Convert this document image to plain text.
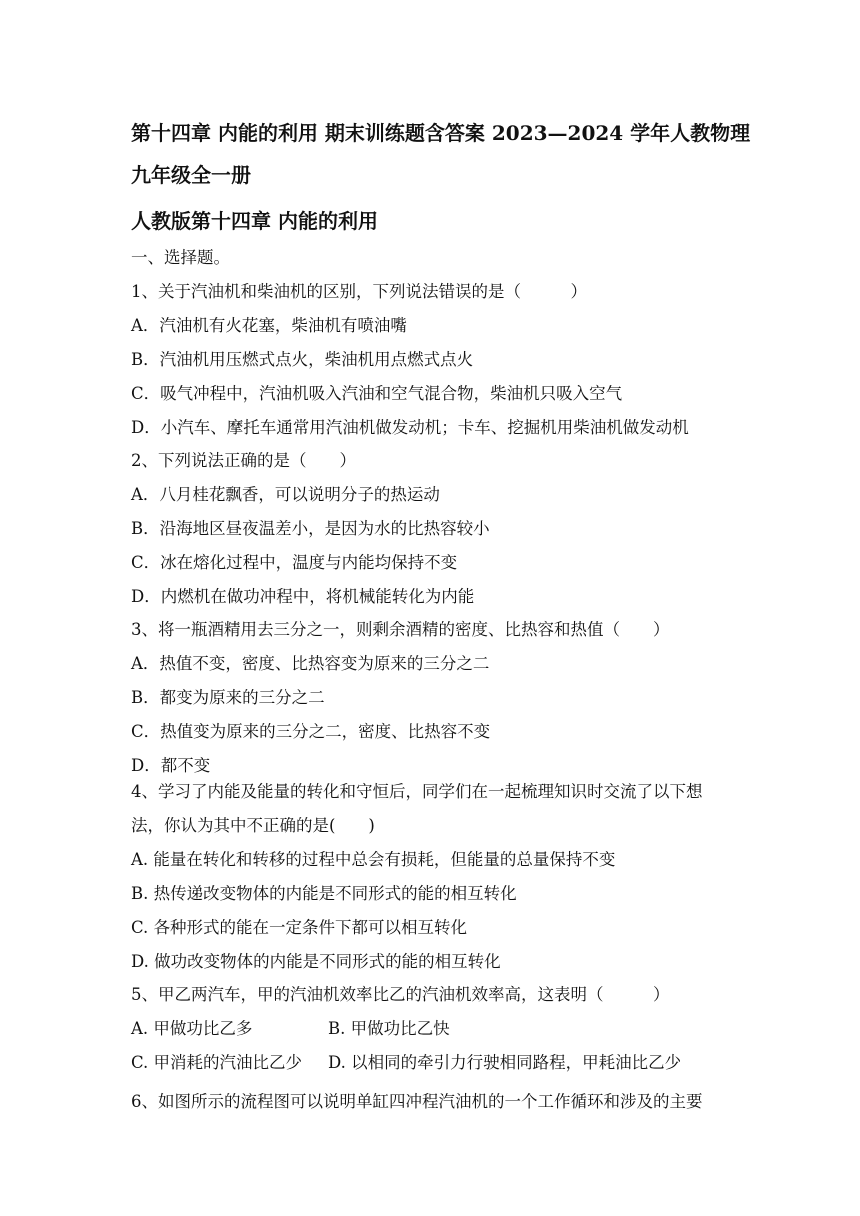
第十四章 内能的利用 期末训练题含答案 2023—2024 学年人教物理
九年级全一册
人教版第十四章 内能的利用
一、选择题。
1、关于汽油机和柴油机的区别，下列说法错误的是（　　　）
A．汽油机有火花塞，柴油机有喷油嘴
B．汽油机用压燃式点火，柴油机用点燃式点火
C．吸气冲程中，汽油机吸入汽油和空气混合物，柴油机只吸入空气
D．小汽车、摩托车通常用汽油机做发动机；卡车、挖掘机用柴油机做发动机
2、下列说法正确的是（　　）
A．八月桂花飘香，可以说明分子的热运动
B．沿海地区昼夜温差小，是因为水的比热容较小
C．冰在熔化过程中，温度与内能均保持不变
D．内燃机在做功冲程中，将机械能转化为内能
3、将一瓶酒精用去三分之一，则剩余酒精的密度、比热容和热值（　　）
A．热值不变，密度、比热容变为原来的三分之二
B．都变为原来的三分之二
C．热值变为原来的三分之二，密度、比热容不变
D．都不变
4、学习了内能及能量的转化和守恒后，同学们在一起梳理知识时交流了以下想
法，你认为其中不正确的是(　　)
A. 能量在转化和转移的过程中总会有损耗，但能量的总量保持不变
B. 热传递改变物体的内能是不同形式的能的相互转化
C. 各种形式的能在一定条件下都可以相互转化
D. 做功改变物体的内能是不同形式的能的相互转化
5、甲乙两汽车，甲的汽油机效率比乙的汽油机效率高，这表明（　　　）
A. 甲做功比乙多	B. 甲做功比乙快
C. 甲消耗的汽油比乙少 D. 以相同的牵引力行驶相同路程，甲耗油比乙少
6、如图所示的流程图可以说明单缸四冲程汽油机的一个工作循环和涉及的主要
